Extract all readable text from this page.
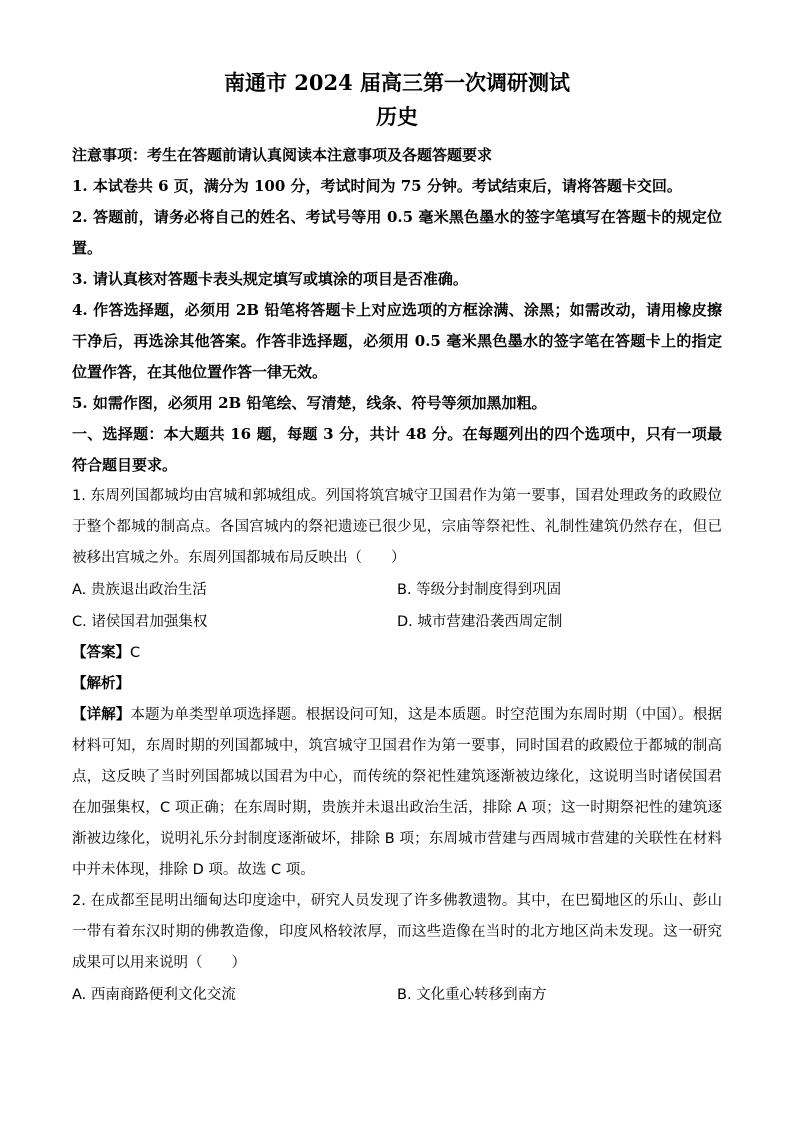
南通市 2024 届高三第一次调研测试
历史

注意事项：考生在答题前请认真阅读本注意事项及各题答题要求

1. 本试卷共 6 页，满分为 100 分，考试时间为 75 分钟。考试结束后，请将答题卡交回。

2. 答题前，请务必将自己的姓名、考试号等用 0.5 毫米黑色墨水的签字笔填写在答题卡的规定位置。

3. 请认真核对答题卡表头规定填写或填涂的项目是否准确。

4. 作答选择题，必须用 2B 铅笔将答题卡上对应选项的方框涂满、涂黑；如需改动，请用橡皮擦干净后，再选涂其他答案。作答非选择题，必须用 0.5 毫米黑色墨水的签字笔在答题卡上的指定位置作答，在其他位置作答一律无效。

5. 如需作图，必须用 2B 铅笔绘、写清楚，线条、符号等须加黑加粗。

一、选择题：本大题共 16 题，每题 3 分，共计 48 分。在每题列出的四个选项中，只有一项最符合题目要求。

1. 东周列国都城均由宫城和郭城组成。列国将筑宫城守卫国君作为第一要事，国君处理政务的政殿位于整个都城的制高点。各国宫城内的祭祀遗迹已很少见，宗庙等祭祀性、礼制性建筑仍然存在，但已被移出宫城之外。东周列国都城布局反映出（　　）

A. 贵族退出政治生活	B. 等级分封制度得到巩固
C. 诸侯国君加强集权	D. 城市营建沿袭西周定制

【答案】C

【解析】

【详解】本题为单类型单项选择题。根据设问可知，这是本质题。时空范围为东周时期（中国）。根据材料可知，东周时期的列国都城中，筑宫城守卫国君作为第一要事，同时国君的政殿位于都城的制高点，这反映了当时列国都城以国君为中心，而传统的祭祀性建筑逐渐被边缘化，这说明当时诸侯国君在加强集权，C 项正确；在东周时期，贵族并未退出政治生活，排除 A 项；这一时期祭祀性的建筑逐渐被边缘化，说明礼乐分封制度逐渐破坏，排除 B 项；东周城市营建与西周城市营建的关联性在材料中并未体现，排除 D 项。故选 C 项。

2. 在成都至昆明出缅甸达印度途中，研究人员发现了许多佛教遗物。其中，在巴蜀地区的乐山、彭山一带有着东汉时期的佛教造像，印度风格较浓厚，而这些造像在当时的北方地区尚未发现。这一研究成果可以用来说明（　　）

A. 西南商路便利文化交流	B. 文化重心转移到南方
